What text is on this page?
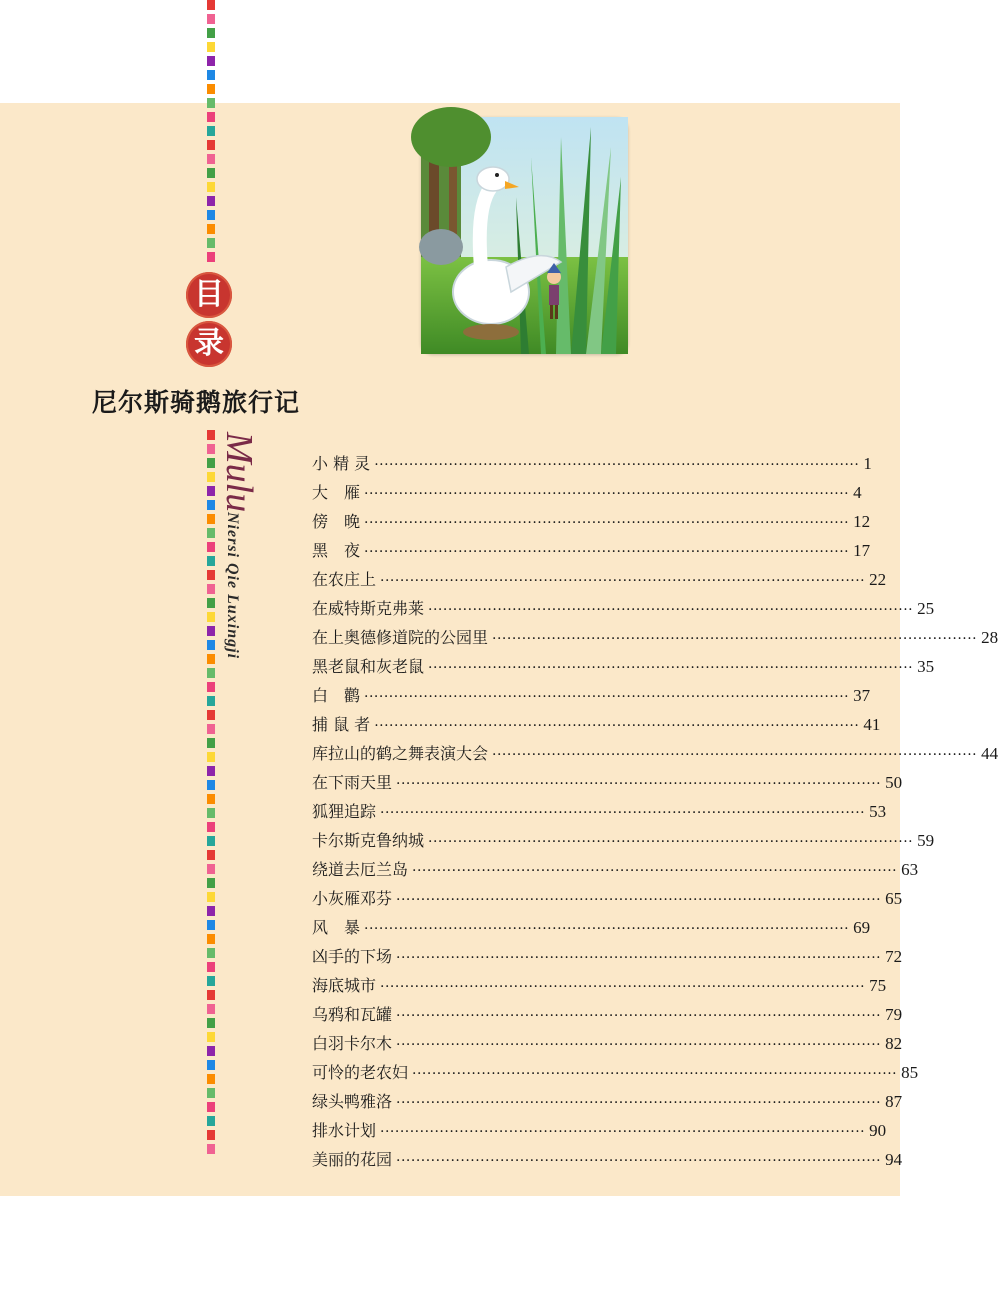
目
录
尼尔斯骑鹅旅行记
Mulu
Niersi Qie Luxingji
小 精 灵 ·································································································· 1
大　雁 ·································································································· 4
傍　晚 ·································································································· 12
黑　夜 ·································································································· 17
在农庄上 ·································································································· 22
在威特斯克弗莱 ·································································································· 25
在上奥德修道院的公园里 ·································································································· 28
黑老鼠和灰老鼠 ·································································································· 35
白　鹳 ·································································································· 37
捕 鼠 者 ·································································································· 41
库拉山的鹤之舞表演大会 ·································································································· 44
在下雨天里 ·································································································· 50
狐狸追踪 ·································································································· 53
卡尔斯克鲁纳城 ·································································································· 59
绕道去厄兰岛 ·································································································· 63
小灰雁邓芬 ·································································································· 65
风　暴 ·································································································· 69
凶手的下场 ·································································································· 72
海底城市 ·································································································· 75
乌鸦和瓦罐 ·································································································· 79
白羽卡尔木 ·································································································· 82
可怜的老农妇 ·································································································· 85
绿头鸭雅洛 ·································································································· 87
排水计划 ·································································································· 90
美丽的花园 ·································································································· 94
